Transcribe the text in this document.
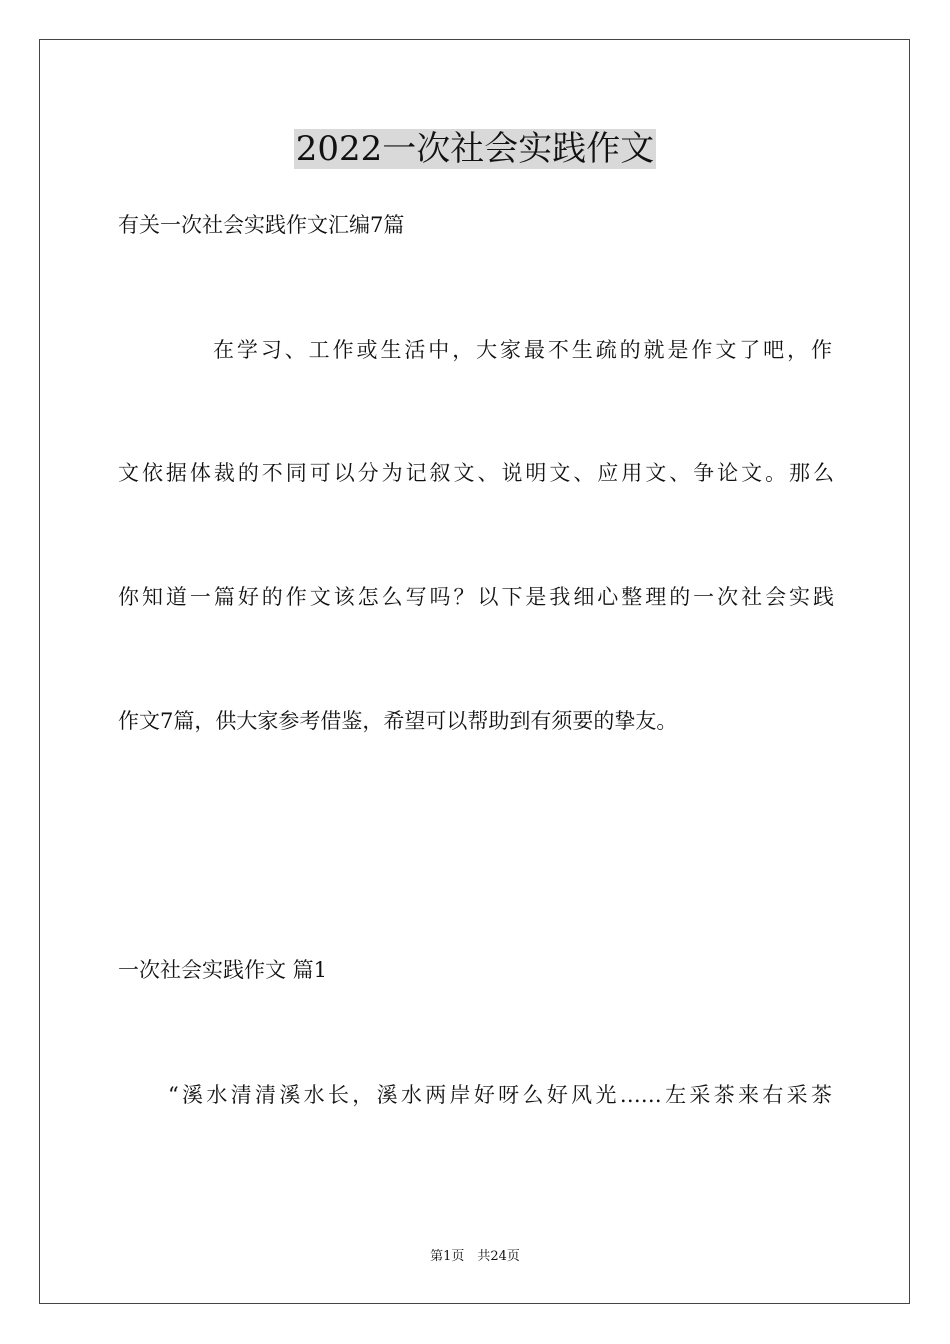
2022一次社会实践作文
有关一次社会实践作文汇编7篇
在学习、工作或生活中，大家最不生疏的就是作文了吧，作
文依据体裁的不同可以分为记叙文、说明文、应用文、争论文。那么
你知道一篇好的作文该怎么写吗？以下是我细心整理的一次社会实践
作文7篇，供大家参考借鉴，希望可以帮助到有须要的挚友。
一次社会实践作文 篇1
“溪水清清溪水长，溪水两岸好呀么好风光……左采茶来右采茶
第1页　共24页
